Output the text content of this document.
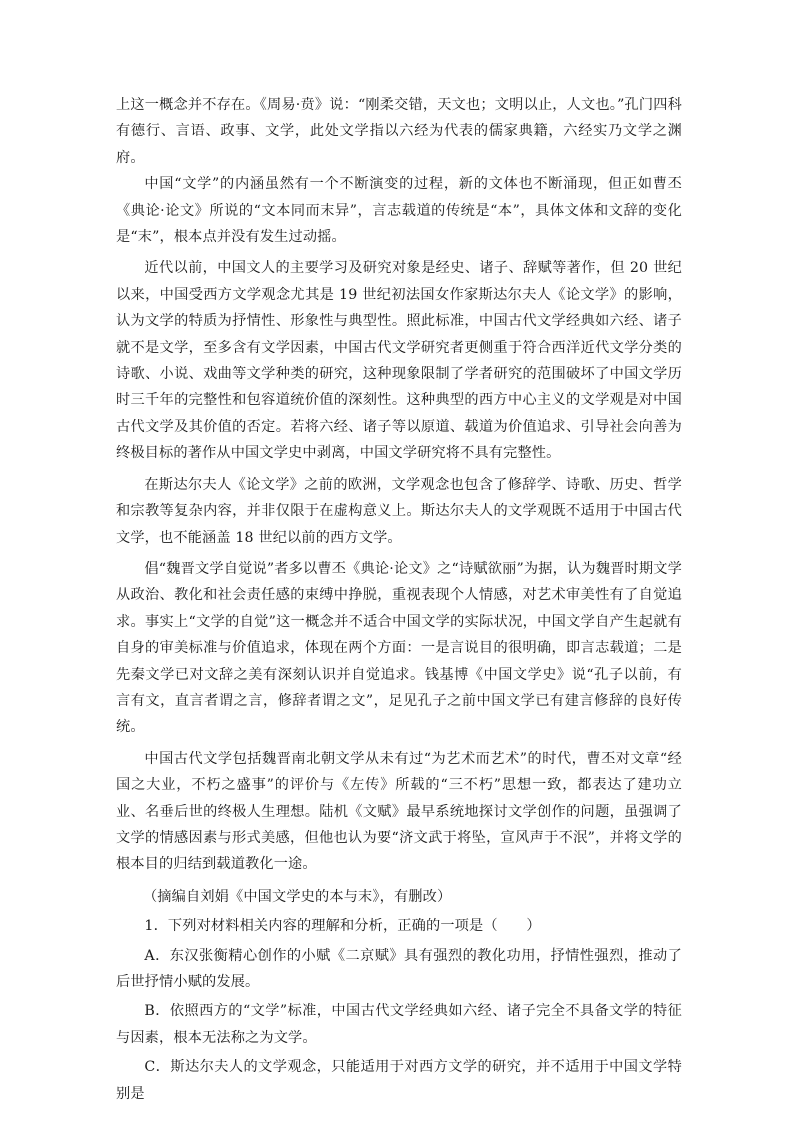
上这一概念并不存在。《周易·贲》说：“刚柔交错，天文也；文明以止，人文也。”孔门四科有德行、言语、政事、文学，此处文学指以六经为代表的儒家典籍，六经实乃文学之渊府。

中国“文学”的内涵虽然有一个不断演变的过程，新的文体也不断涌现，但正如曹丕《典论·论文》所说的“文本同而末异”，言志载道的传统是“本”，具体文体和文辞的变化是“末”，根本点并没有发生过动摇。

近代以前，中国文人的主要学习及研究对象是经史、诸子、辞赋等著作，但 20 世纪以来，中国受西方文学观念尤其是 19 世纪初法国女作家斯达尔夫人《论文学》的影响，认为文学的特质为抒情性、形象性与典型性。照此标准，中国古代文学经典如六经、诸子就不是文学，至多含有文学因素，中国古代文学研究者更侧重于符合西洋近代文学分类的诗歌、小说、戏曲等文学种类的研究，这种现象限制了学者研究的范围破坏了中国文学历时三千年的完整性和包容道统价值的深刻性。这种典型的西方中心主义的文学观是对中国古代文学及其价值的否定。若将六经、诸子等以原道、载道为价值追求、引导社会向善为终极目标的著作从中国文学史中剥离，中国文学研究将不具有完整性。

在斯达尔夫人《论文学》之前的欧洲，文学观念也包含了修辞学、诗歌、历史、哲学和宗教等复杂内容，并非仅限于在虚构意义上。斯达尔夫人的文学观既不适用于中国古代文学，也不能涵盖 18 世纪以前的西方文学。

倡“魏晋文学自觉说”者多以曹丕《典论·论文》之“诗赋欲丽”为据，认为魏晋时期文学从政治、教化和社会责任感的束缚中挣脱，重视表现个人情感，对艺术审美性有了自觉追求。事实上“文学的自觉”这一概念并不适合中国文学的实际状况，中国文学自产生起就有自身的审美标准与价值追求，体现在两个方面：一是言说目的很明确，即言志载道；二是先秦文学已对文辞之美有深刻认识并自觉追求。钱基博《中国文学史》说“孔子以前，有言有文，直言者谓之言，修辞者谓之文”，足见孔子之前中国文学已有建言修辞的良好传统。

中国古代文学包括魏晋南北朝文学从未有过“为艺术而艺术”的时代，曹丕对文章“经国之大业，不朽之盛事”的评价与《左传》所载的“三不朽”思想一致，都表达了建功立业、名垂后世的终极人生理想。陆机《文赋》最早系统地探讨文学创作的问题，虽强调了文学的情感因素与形式美感，但他也认为要“济文武于将坠，宣风声于不泯”，并将文学的根本目的归结到载道教化一途。

（摘编自刘娟《中国文学史的本与末》，有删改）

1．下列对材料相关内容的理解和分析，正确的一项是（　　）

A．东汉张衡精心创作的小赋《二京赋》具有强烈的教化功用，抒情性强烈，推动了后世抒情小赋的发展。

B．依照西方的“文学”标准，中国古代文学经典如六经、诸子完全不具备文学的特征与因素，根本无法称之为文学。

C．斯达尔夫人的文学观念，只能适用于对西方文学的研究，并不适用于中国文学特别是
